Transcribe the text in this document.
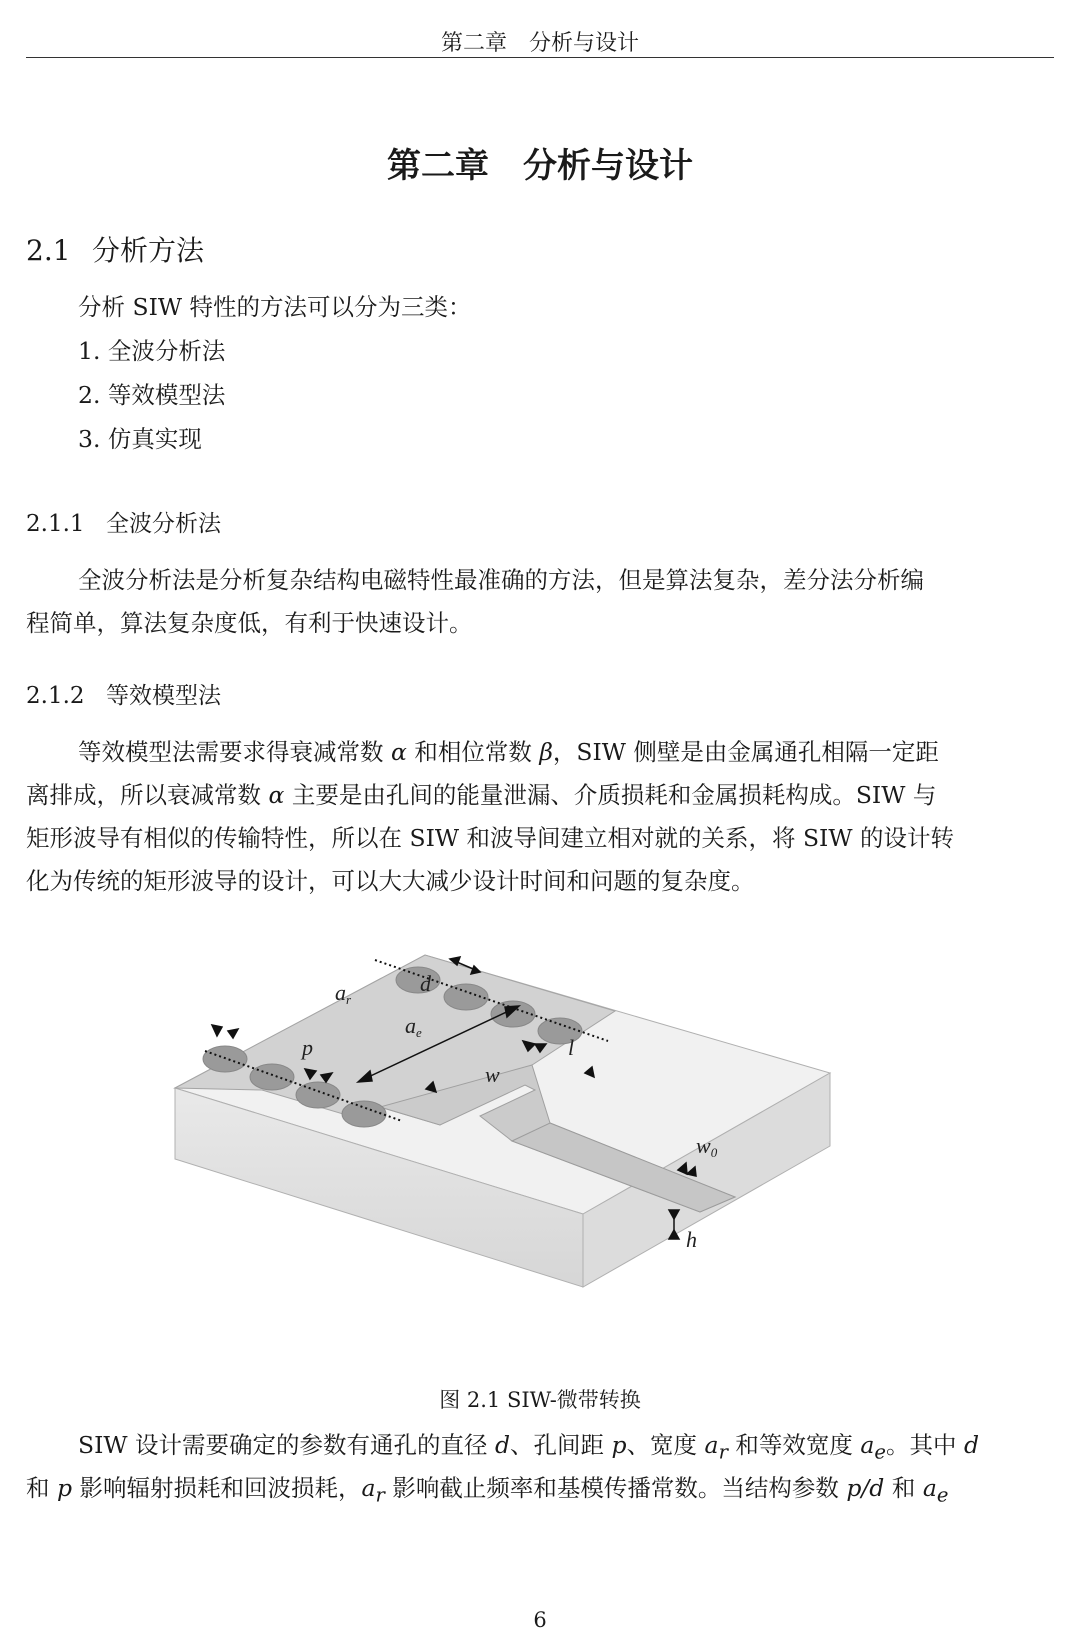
第二章　分析与设计
第二章　分析与设计
2.1 分析方法
分析 SIW 特性的方法可以分为三类：
1. 全波分析法
2. 等效模型法
3. 仿真实现
2.1.1 全波分析法
全波分析法是分析复杂结构电磁特性最准确的方法，但是算法复杂，差分法分析编
程简单，算法复杂度低，有利于快速设计。
2.1.2 等效模型法
等效模型法需要求得衰减常数 α 和相位常数 β，SIW 侧壁是由金属通孔相隔一定距
离排成，所以衰减常数 α 主要是由孔间的能量泄漏、介质损耗和金属损耗构成。SIW 与
矩形波导有相似的传输特性，所以在 SIW 和波导间建立相对就的关系，将 SIW 的设计转
化为传统的矩形波导的设计，可以大大减少设计时间和问题的复杂度。
d
ar
ae
p	l
w
w0
h
图 2.1 SIW-微带转换
SIW 设计需要确定的参数有通孔的直径 d、孔间距 p、宽度 $a_r$ 和等效宽度 $a_e$。其中 d
和 p 影响辐射损耗和回波损耗，$a_r$ 影响截止频率和基模传播常数。当结构参数 p/d 和 $a_e$
6
